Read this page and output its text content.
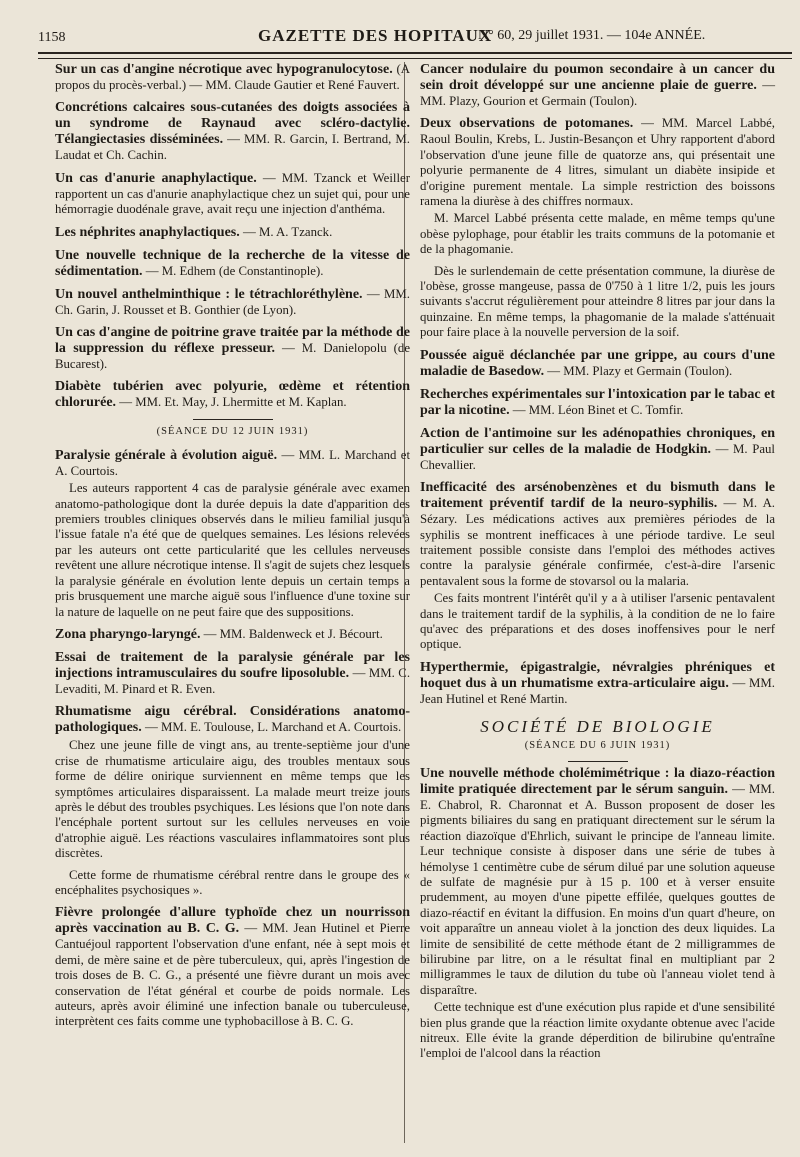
1158	GAZETTE DES HOPITAUX
N° 60, 29 juillet 1931. — 104e ANNÉE.
Sur un cas d'angine nécrotique avec hypogranulocytose. (A propos du procès-verbal.) — MM. Claude Gautier et René Fauvert.
Concrétions calcaires sous-cutanées des doigts associées à un syndrome de Raynaud avec scléro-dactylie. Télangiectasies disséminées. — MM. R. Garcin, I. Bertrand, M. Laudat et Ch. Cachin.
Un cas d'anurie anaphylactique. — MM. Tzanck et Weiller rapportent un cas d'anurie anaphylactique chez un sujet qui, pour une hémorragie duodénale grave, avait reçu une injection d'anthéma.
Les néphrites anaphylactiques. — M. A. Tzanck.
Une nouvelle technique de la recherche de la vitesse de sédimentation. — M. Edhem (de Constantinople).
Un nouvel anthelminthique : le tétrachloréthylène. — MM. Ch. Garin, J. Rousset et B. Gonthier (de Lyon).
Un cas d'angine de poitrine grave traitée par la méthode de la suppression du réflexe presseur. — M. Danielopolu (de Bucarest).
Diabète tubérien avec polyurie, œdème et rétention chlorurée. — MM. Et. May, J. Lhermitte et M. Kaplan.
(SÉANCE DU 12 JUIN 1931)
Paralysie générale à évolution aiguë. — MM. L. Marchand et A. Courtois.
Les auteurs rapportent 4 cas de paralysie générale avec examen anatomo-pathologique dont la durée depuis la date d'apparition des premiers troubles cliniques observés dans le milieu familial jusqu'à l'issue fatale n'a été que de quelques semaines. Les lésions relevées par les auteurs ont cette particularité que les cellules nerveuses revêtent une allure nécrotique intense. Il s'agit de sujets chez lesquels la paralysie générale en évolution lente depuis un certain temps a pris brusquement une marche aiguë sous l'influence d'une toxine sur la nature de laquelle on ne peut faire que des suppositions.
Zona pharyngo-laryngé. — MM. Baldenweck et J. Bécourt.
Essai de traitement de la paralysie générale par les injections intramusculaires du soufre liposoluble. — MM. C. Levaditi, M. Pinard et R. Even.
Rhumatisme aigu cérébral. Considérations anatomo-pathologiques. — MM. E. Toulouse, L. Marchand et A. Courtois.
Chez une jeune fille de vingt ans, au trente-septième jour d'une crise de rhumatisme articulaire aigu, des troubles mentaux sous forme de délire onirique surviennent en même temps que les symptômes articulaires disparaissent. La malade meurt treize jours après le début des troubles psychiques. Les lésions que l'on note dans l'encéphale portent surtout sur les cellules nerveuses en voie d'atrophie aiguë. Les réactions vasculaires inflammatoires sont plus discrètes.
Cette forme de rhumatisme cérébral rentre dans le groupe des « encéphalites psychosiques ».
Fièvre prolongée d'allure typhoïde chez un nourrisson après vaccination au B. C. G. — MM. Jean Hutinel et Pierre Cantuéjoul rapportent l'observation d'une enfant, née à sept mois et demi, de mère saine et de père tuberculeux, qui, après l'ingestion de trois doses de B. C. G., a présenté une fièvre durant un mois avec conservation de l'état général et courbe de poids normale. Les auteurs, après avoir éliminé une infection banale ou tuberculeuse, interprètent ces faits comme une typhobacillose à B. C. G.
Cancer nodulaire du poumon secondaire à un cancer du sein droit développé sur une ancienne plaie de guerre. — MM. Plazy, Gourion et Germain (Toulon).
Deux observations de potomanes. — MM. Marcel Labbé, Raoul Boulin, Krebs, L. Justin-Besançon et Uhry rapportent d'abord l'observation d'une jeune fille de quatorze ans, qui présentait une polyurie permanente de 4 litres, simulant un diabète insipide et d'origine purement mentale. La simple restriction des boissons ramena la diurèse à des chiffres normaux.
M. Marcel Labbé présenta cette malade, en même temps qu'une obèse pylophage, pour établir les traits communs de la potomanie et de la phagomanie.
Dès le surlendemain de cette présentation commune, la diurèse de l'obèse, grosse mangeuse, passa de 0'750 à 1 litre 1/2, puis les jours suivants s'accrut régulièrement pour atteindre 8 litres par jour dans la quinzaine. En même temps, la phagomanie de la malade s'atténuait pour faire place à la nouvelle perversion de la soif.
Poussée aiguë déclanchée par une grippe, au cours d'une maladie de Basedow. — MM. Plazy et Germain (Toulon).
Recherches expérimentales sur l'intoxication par le tabac et par la nicotine. — MM. Léon Binet et C. Tomfir.
Action de l'antimoine sur les adénopathies chroniques, en particulier sur celles de la maladie de Hodgkin. — M. Paul Chevallier.
Inefficacité des arsénobenzènes et du bismuth dans le traitement préventif tardif de la neuro-syphilis. — M. A. Sézary. Les médications actives aux premières périodes de la syphilis se montrent inefficaces à une période tardive. Le seul traitement possible consiste dans l'emploi des méthodes actives contre la paralysie générale confirmée, c'est-à-dire l'arsenic pentavalent sous la forme de stovarsol ou la malaria.
Ces faits montrent l'intérêt qu'il y a à utiliser l'arsenic pentavalent dans le traitement tardif de la syphilis, à la condition de ne lo faire qu'avec des préparations et des doses inoffensives pour le nerf optique.
Hyperthermie, épigastralgie, névralgies phréniques et hoquet dus à un rhumatisme extra-articulaire aigu. — MM. Jean Hutinel et René Martin.
SOCIÉTÉ DE BIOLOGIE
(SÉANCE DU 6 JUIN 1931)
Une nouvelle méthode cholémimétrique : la diazo-réaction limite pratiquée directement par le sérum sanguin. — MM. E. Chabrol, R. Charonnat et A. Busson proposent de doser les pigments biliaires du sang en pratiquant directement sur le sérum la réaction diazoïque d'Ehrlich, suivant le principe de l'anneau limite. Leur technique consiste à disposer dans une série de tubes à hémolyse 1 centimètre cube de sérum dilué par une solution aqueuse de sulfate de magnésie pur à 15 p. 100 et à verser ensuite prudemment, au moyen d'une pipette effilée, quelques gouttes de diazo-réactif en évitant la diffusion. En moins d'un quart d'heure, on voit apparaître un anneau violet à la jonction des deux liquides. La limite de sensibilité de cette méthode étant de 2 milligrammes de bilirubine par litre, on a le résultat final en multipliant par 2 milligrammes le taux de dilution du tube où l'anneau violet tend à disparaître.
Cette technique est d'une exécution plus rapide et d'une sensibilité bien plus grande que la réaction limite oxydante obtenue avec l'acide nitreux. Elle évite la grande déperdition de bilirubine qu'entraîne l'emploi de l'alcool dans la réaction
